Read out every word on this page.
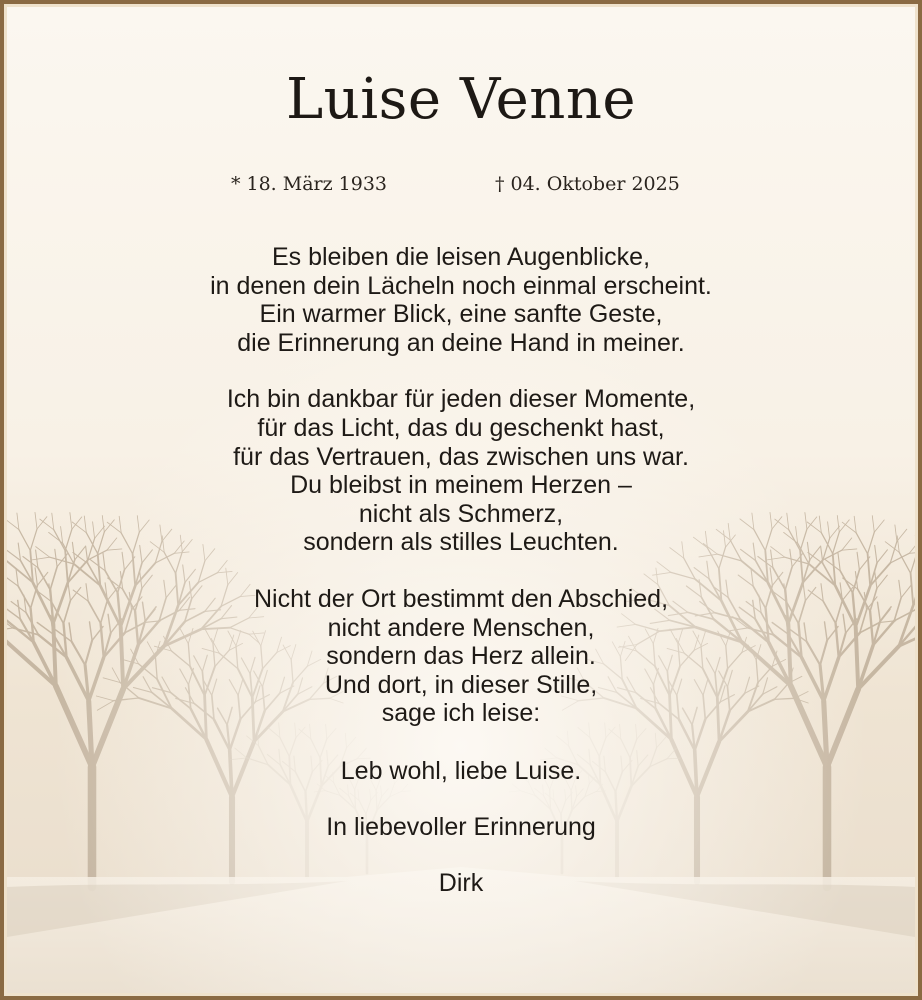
Luise Venne
* 18. März 1933	† 04. Oktober 2025
Es bleiben die leisen Augenblicke,
in denen dein Lächeln noch einmal erscheint.
Ein warmer Blick, eine sanfte Geste,
die Erinnerung an deine Hand in meiner.
Ich bin dankbar für jeden dieser Momente,
für das Licht, das du geschenkt hast,
für das Vertrauen, das zwischen uns war.
Du bleibst in meinem Herzen –
nicht als Schmerz,
sondern als stilles Leuchten.
Nicht der Ort bestimmt den Abschied,
nicht andere Menschen,
sondern das Herz allein.
Und dort, in dieser Stille,
sage ich leise:
Leb wohl, liebe Luise.
In liebevoller Erinnerung
Dirk
